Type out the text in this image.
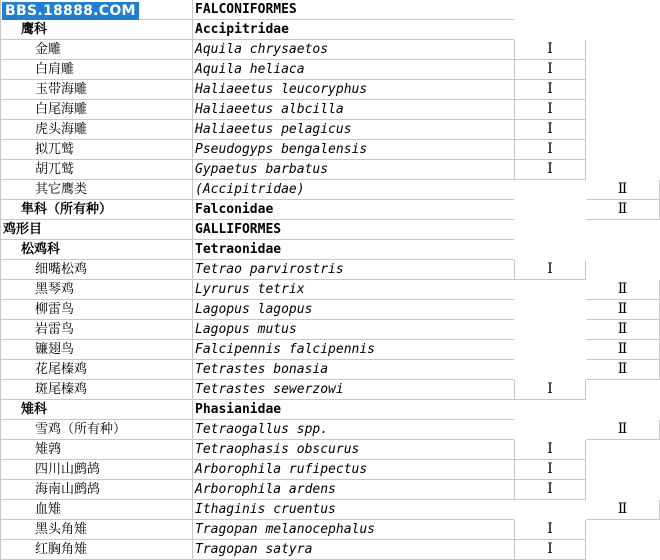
FALCONIFORMES
鹰科	Accipitridae
金雕	Aquila chrysaetos	Ⅰ
白肩雕	Aquila heliaca	Ⅰ
玉带海雕	Haliaeetus leucoryphus	Ⅰ
白尾海雕	Haliaeetus albcilla	Ⅰ
虎头海雕	Haliaeetus pelagicus	Ⅰ
拟兀鹫	Pseudogyps bengalensis	Ⅰ
胡兀鹫	Gypaetus barbatus	Ⅰ
其它鹰类	(Accipitridae)	Ⅱ
隼科（所有种）	Falconidae	Ⅱ
鸡形目	GALLIFORMES
松鸡科	Tetraonidae
细嘴松鸡	Tetrao parvirostris	Ⅰ
黑琴鸡	Lyrurus tetrix	Ⅱ
柳雷鸟	Lagopus lagopus	Ⅱ
岩雷鸟	Lagopus mutus	Ⅱ
镰翅鸟	Falcipennis falcipennis	Ⅱ
花尾榛鸡	Tetrastes bonasia	Ⅱ
斑尾榛鸡	Tetrastes sewerzowi	Ⅰ
雉科	Phasianidae
雪鸡（所有种）	Tetraogallus spp.	Ⅱ
雉鹑	Tetraophasis obscurus	Ⅰ
四川山鹧鸪	Arborophila rufipectus	Ⅰ
海南山鹧鸪	Arborophila ardens	Ⅰ
血雉	Ithaginis cruentus	Ⅱ
黑头角雉	Tragopan melanocephalus	Ⅰ
红胸角雉	Tragopan satyra	Ⅰ
BBS.18888.COM
